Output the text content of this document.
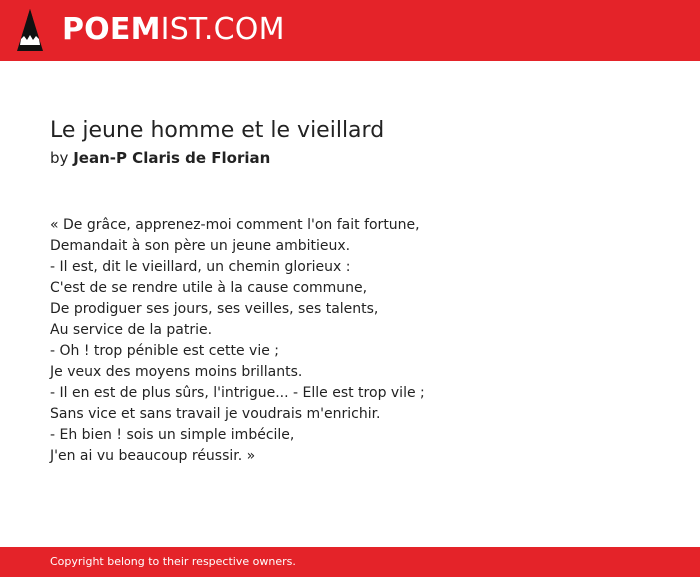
POEMIST.COM
Le jeune homme et le vieillard
by Jean-P Claris de Florian
« De grâce, apprenez-moi comment l'on fait fortune,
Demandait à son père un jeune ambitieux.
- Il est, dit le vieillard, un chemin glorieux :
C'est de se rendre utile à la cause commune,
De prodiguer ses jours, ses veilles, ses talents,
Au service de la patrie.
- Oh ! trop pénible est cette vie ;
Je veux des moyens moins brillants.
- Il en est de plus sûrs, l'intrigue... - Elle est trop vile ;
Sans vice et sans travail je voudrais m'enrichir.
- Eh bien ! sois un simple imbécile,
J'en ai vu beaucoup réussir. »
Copyright belong to their respective owners.
